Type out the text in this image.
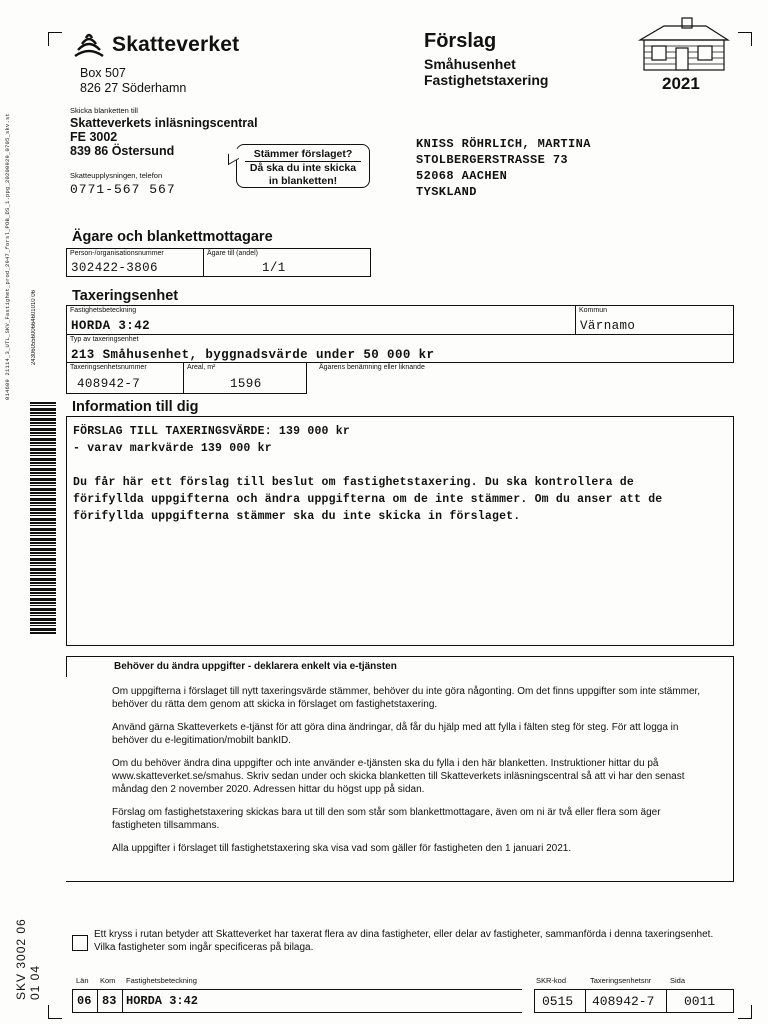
014609 21114_3_UTL_SKV_Fastighet_prod_2947_forsl_POB_DS_1.ppg_20200929_0705_skv.st	24306055600664601010 06
SKV 3002 06 01 04
Skatteverket
Box 507
826 27 Söderhamn
Skicka blanketten till
Skatteverkets inläsningscentral
FE 3002
839 86 Östersund
Skatteupplysningen, telefon
0771-567 567
Stämmer förslaget?
Då ska du inte skicka
in blanketten!
Förslag
Småhusenhet
Fastighetstaxering	2021
KNISS RÖHRLICH, MARTINA
STOLBERGERSTRASSE 73
52068 AACHEN
TYSKLAND
Ägare och blankettmottagare
Person-/organisationsnummer
302422-3806
Ägare till (andel)
1/1
Taxeringsenhet
Fastighetsbeteckning
HORDA 3:42
Kommun
Värnamo
Typ av taxeringsenhet
213 Småhusenhet, byggnadsvärde under 50 000 kr
Taxeringsenhetsnummer
408942-7
Areal, m²
1596
Ägarens benämning eller liknande
Information till dig
FÖRSLAG TILL TAXERINGSVÄRDE: 139 000 kr
- varav markvärde 139 000 kr

Du får här ett förslag till beslut om fastighetstaxering. Du ska kontrollera de
förifyllda uppgifterna och ändra uppgifterna om de inte stämmer. Om du anser att de
förifyllda uppgifterna stämmer ska du inte skicka in förslaget.
Behöver du ändra uppgifter - deklarera enkelt via e-tjänsten

Om uppgifterna i förslaget till nytt taxeringsvärde stämmer, behöver du inte göra någonting. Om det finns uppgifter som inte stämmer, behöver du rätta dem genom att skicka in förslaget om fastighetstaxering.

Använd gärna Skatteverkets e-tjänst för att göra dina ändringar, då får du hjälp med att fylla i fälten steg för steg. För att logga in behöver du e-legitimation/mobilt bankID.

Om du behöver ändra dina uppgifter och inte använder e-tjänsten ska du fylla i den här blanketten. Instruktioner hittar du på www.skatteverket.se/smahus. Skriv sedan under och skicka blanketten till Skatteverkets inläsningscentral så att vi har den senast måndag den 2 november 2020. Adressen hittar du högst upp på sidan.

Förslag om fastighetstaxering skickas bara ut till den som står som blankettmottagare, även om ni är två eller flera som äger fastigheten tillsammans.

Alla uppgifter i förslaget till fastighetstaxering ska visa vad som gäller för fastigheten den 1 januari 2021.

Ett kryss i rutan betyder att Skatteverket har taxerat flera av dina fastigheter, eller delar av fastigheter, sammanförda i denna taxeringsenhet. Vilka fastigheter som ingår specificeras på bilaga.
Län Kom Fastighetsbeteckning	SKR-kod	Taxeringsenhetsnr Sida
06 83 HORDA 3:42	0515 408942-7 0011
